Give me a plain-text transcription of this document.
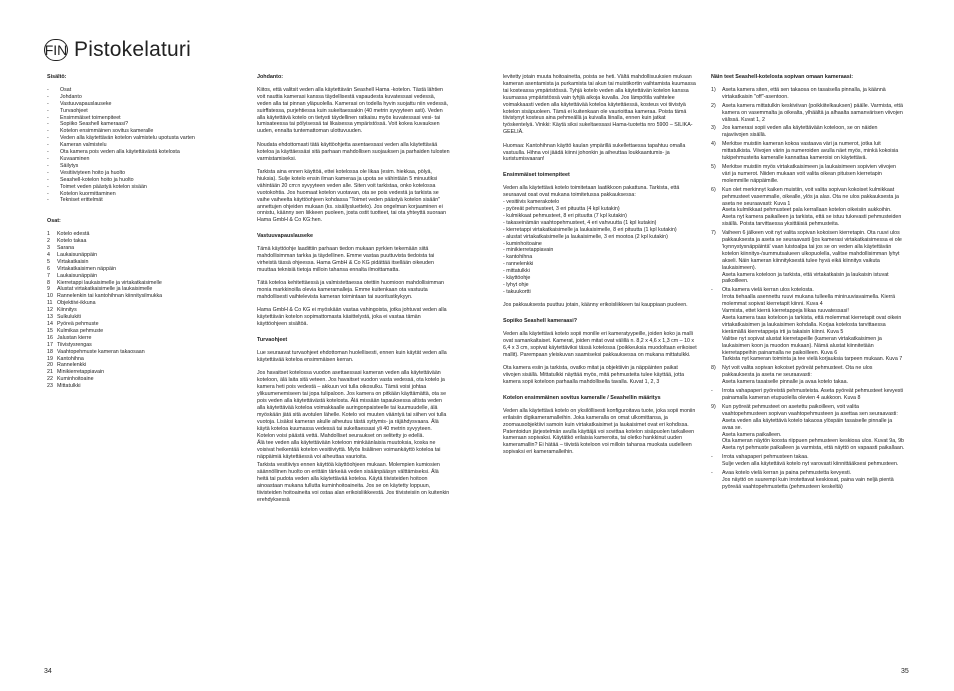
FIN Pistokelaturi
Sisältö:
-	Osat
-	Johdanto
-	Vastuuvapauslauseke
-	Turvaohjeet
-	Ensimmäiset toimenpiteet
-	Sopiiko Seashell kameraasi?
-	Kotelon ensimmäinen sovitus kameralle
-	Veden alla käytettävän kotelon valmistelu upotusta varten
-	Kameran valmistelu
-	Ota kamera pois veden alla käytettävästä kotelosta
-	Kuvaaminen
-	Säilytys
-	Vesitiiviyteen hoito ja huolto
-	Seashell-kotelon hoito ja huolto
-	Toimet veden päästyä kotelon sisään
-	Kotelon kuormittaminen
-	Tekniset erittelmät
Osat:
1	Kotelo edestä
2	Kotelo takaa
3	Sarana
4	Laukaisunäppäin
5	Virtakatkaisin
6	Virtakatkaisimen näppäin
7	Laukaisunäppäin
8	Kierretappi laukaisimelle ja virtakatkaisimelle
9	Alustat virtakatkaisimelle ja laukaisimelle
10 Rannelenkin tai kantohihnan kiinnitysilmukka
11 Objektiivi-ikkuna
12 Kiinnitys
13 Sulkulukiti
14 Pyöreä pehmuste
15 Kulmikas pehmuste
16 Jalustan kierre
17 Tiivistysrengas
18 Vaahtopehmuste kameran takaosaan
19 Kantohihna
20 Rannelenkki
21 Minikierretappiavain
22 Kuminhoitoaine
23 Mittatulkki
Johdanto:

Kiitos, että valitsit veden alla käytettävän Seashell Hama -kotelon. Tästä lähtien voit nauttia kamerasi kanssa täydellisestä vapaudesta kuvatessasi vedessä, veden alla tai pinnan yläpuolella. Kamerasi on todella hyvin suojattu niin vedessä, suirffatessa, purjehtiessa kuin sukeltaessakin (40 metrin syvyyteen asti). Veden alla käytettävä kotelo on tietysti täydellinen ratkaisu myös kuvatessasi vesi- tai lumisateessa tai pölyisessä tai likaisessa ympäristössä. Voit kokea kuvauksen uuden, ennalta tuntemattoman ulottuvuuden.

Noudata ehdottomasti tätä käyttöohjetta asentaessasi veden alla käytettävää koteloa ja käyttäessäsi sitä parhaan mahdollisen suojauksen ja parhaiden tulosten varmistamiseksi.

Tarkista aina ennen käyttöä, ettei kotelossa ole likaa (esim. hiekkaa, pölyä, hiuksia). Sulje kotelo ensin ilman kameraa ja upota se vähintään 5 minuutiksi vähintään 20 cm:n syvyyteen veden alle. Siten voit tarkistaa, onko kotelossa vuotokohtia. Jos huomaat kotelon vuotavan, ota se pois vedestä ja tarkista se vaihe vaiheelta käyttöohjeen kohdassa "Toimet veden päästyä kotelon sisään" annettujen ohjeiden mukaan (ks. sisällysluettelo). Jos ongelman korjaaminen ei onnistu, käänny sen liikkeen puoleen, josta ostit tuotteet, tai ota yhteyttä suoraan Hama GmbH & Co KG:hen.

Vastuuvapauslauseke

Tämä käyttöohje laadittiin parhaan tiedon mukaan pyrkien tekemään siitä mahdollisimman tarkka ja täydellinen. Emme vastaa puuttuvista tiedoista tai virheistä tässä ohjeessa. Hama GmbH & Co KG pidättää itsellään oikeuden muuttaa teknisiä tietoja milloin tahansa ennalta ilmoittamatta.

Tätä koteloa kehitettäessä ja valmistettaessa otettiin huomioon mahdollisimman monia markkinoilla olevia kameramalleja. Emme kuitenkaan ota vastuuta mahdollisesti vaihtelevista kameran toimintaan tai suoritustkykyyn.

Hama GmbH & Co KG ei myöskään vastaa vahingoista, jotka johtuvat veden alla käytettävän kotelon sopimattomasta käsittelystä, joka ei vastaa tämän käyttöohjeen sisältöä.

Turvaohjeet

Lue seuraavat turvaohjeet ehdottoman huolellisesti, ennen kuin käytät veden alla käytettävää koteloa ensimmäisen kerran.

Jos havaitset kotelossa vuodon asettaessasi kameran veden alla käytettävään koteloon, älä laita sitä veteen. Jos havaitset vuodon vasta vedessä, ota kotelo ja kamera heti pois vedestä – akkuun voi tulla oikosulku. Tämä voisi johtaa ylikuumenemiseen tai jopa tulipaloon. Jos kamera on pitkään käyttämättä, ota se pois veden alla käytettävästä kotelosta. Älä missään tapauksessa altista veden alla käytettävää koteloa voimakkaalle auringonpaisteelle tai kuumuudelle, älä myöskään jätä sitä avotulen lähelle. Kotelo voi muuten vääntyä tai siihen voi tulla vuotoja. Lisäksi kameran akulle aiheutuu tästä syttymis- ja räjähdysvaara. Älä käytä koteloa kuumassa vedessä tai sukeltaessasi yli 40 metrin syvyyteen. Kotelon voisi päästä vettä. Mahdolliset seuraukset on selitetty jo edellä.

Älä tee veden alla käytettävään koteloon minkäänlaisia muutoksia, koska ne voisivat heikentää kotelon vesitiiviyttä. Myös lisäliinen voimankäyttö koteloa tai näppäimiä käytettäessä voi aiheuttaa vaurioita.

Tarkista vesitiiviys ennen käyttöä käyttöohjeen mukaan. Molempien kumiosien säännöllinen huolto on erittäin tärkeää veden sisäänpääsyn välttämiseksi. Älä heitä tai pudota veden alla käytettävää koteloa. Käytä tiivisteiden hoitoon ainoastaan mukana tullutta kuminhoitoaineita. Jos se on käytetty loppuun, tiivisteiden hoitoaineita voi ostaa alan erikoisliikkeestä. Jos tiivisteisiin on kuitenkin erehdyksessä

levitetty jotain muuta hoitoainetta, poista se heti. Vältä mahdollisuuksien mukaan kameran asentamista ja purkamista tai akun tai muistikortin vaihtamista kuumassa tai kosteassa ympäristössä. Tyhjä kotelo veden alla käytettävän kotelon kanssa kuumassa ympäristössä vain tyhjiä aikoja kuvalla. Jos lämpötila vaihtelee voimakkaasti veden alla käytettävää koteloa käytettäessä, kosteus voi tiivistyä kotelon sisäpuoleen. Tämä ei kuitenkaan ole vaurioittaa kameraa. Poista tämä tiivistynyt kosteus aina pehmeällä ja kuivalla liinalla, ennen kuin jatkat työskentelyä. Vinkki: Käytä siksi sukeltaessasi Hama-tuotetta nro 5900 – SILIKA-GEELIÄ.

Huomaa: Kantohihnan käyttö kaulan ympärillä sukellettaessa tapahtuu omalla vastuulla. Hihna voi jäädä kiinni johonkin ja aiheuttaa loukkaantumis- ja kuristumisvaaran!

Ensimmäiset toimenpiteet

Veden alla käytettävä kotelo toimitetaan laatikkoon pakattuna. Tarkista, että seuraavat osat ovat mukana toimitetussa pakkauksessa:

- vesitiivis kamerakotelo
- pyöreät pehmusteet, 3 eri pituutta (4 kpl kutakin)
- kulmikkaat pehmusteet, 8 eri pituutta (7 kpl kutakin)
- takaseinämän vaahtopehmusteet, 4 eri vahvuutta (1 kpl kutakin)
- kierretappi virtakatkaisimelle ja laukaisimelle, 8 eri pituutta (1 kpl kutakin)
- alustat virtakatkaisimelle ja laukaisimelle, 3 eri mootoa (2 kpl kutakin)
- kuminhoitoaine
- minikierretappiavain
- kantohihna
- rannelenkki
- mittatulkki
- käyttöohje
- lyhyt ohje
- takuukortti

Jos pakkauksesta puuttuu jotain, käänny erikoisliikkeen tai kauppiaan puoleen.

Sopiiko Seashell kameraasi?

Veden alla käytettävä kotelo sopii monille eri kameratyypeille, joiden koko ja malli ovat samankaltaiset. Kamerat, joiden mitat ovat välillä n. 8,2 x 4,6 x 1,3 cm – 10 x 6,4 x 3 cm, sopivat käytettäviksi tässä kotelossa (poikkeuksia muodoltaan erikoiset mallit). Parempaan yleiskuvan saamiseksi pakkauksessa on mukana mittatulkki.

Ota kamera esiin ja tarkista, ovatko mitat ja objektiivin ja näppäinten paikat viivojen sisällä. Mittatulkki näyttää myös, mitä pehmusteita tulee käyttää, jotta kamera sopii koteloon parhaalla mahdollisella tavalla. Kuvat 1, 2, 3

Kotelon ensimmäinen sovitus kameralle / Seashellin määritys

Veden alla käytettävä kotelo on yksilöllisesti konfiguroitava tuote, joka sopii moniin erilaisiin digikameramalleihin. Joka kameralla on omat ulkomittansa, ja zoomausobjektiivi samoin kuin virtakatkaisimet ja laukaisimet ovat eri kohdissa. Patentoidun järjestelmän avulla käyttäjä voi sovittaa kotelon sisäpuolen tarkalleen kameraan sopivaksi. Käytätkö erilaisia kameroita, tai oletko hankkinut uuden kameramallin? Ei hätää – tiivistä koteloon voi milloin tahansa muokata uudelleen sopivaksi eri kameramalleihin.

Näin teet Seashell-kotelosta sopivan omaan kameraasi:
1)	Aseta kamera siten, että sen takaosa on tasaisella pinnalla, ja käännä virtakatkaisin "off"-asentoon.
2)	Aseta kamera mittatulkin keskiviivan (poikkiitelkauksen) päälle. Varmista, että kamera on vasemmalta ja oikealta, ylhäältä ja alhaalta samanvärisen viivojen välissä. Kuvat 1, 2
3)	Jos kamerasi sopii veden alla käytettävään koteloon, se on näiden rajaviivojen sisällä.
4)	Merkitse muistiin kameran kokoa vastaava väri ja numerot, jotka luit mittatulkista. Viivojen värin ja numeroiden avulla näet myös, minkä kokoisia tukipehmusteita kameralle kannattaa kameroisi on käytettävä.
5)	Merkitse muistiin myös virtakatkaisimeen ja laukaisimeen sopivien viivojen väri ja numerot. Niiden mukaan voit valita oikean pituisen kierretapin molemmille näppäimille.
6)	Kun olet merkinnyt kaiken muistiin, voit valita sopivan kokoiset kulmikkaat pehmusteet vasemmalle, oikealle, ylös ja alas. Ota ne ulos pakkauksesta ja aseta ne seuraavasti: Kuva 1
Aseta kulmikkaat pehmusteet pala kerrallaan kotelon oikeisiin aukkoihin.
Aseta nyt kamera paikalleen ja tarkista, että se istuu tukevasti pehmusteiden sisällä. Poista tarvittaessa yksittäisiä pehmusteita.
7)	Vaiheen 6 jälkeen voit nyt valita sopivan kokoisen kierretapin. Ota ruuvi ulos pakkauksesta ja aseta se seuraavasti (jos kamerasi virtakatkaisimessa ei ole 'kynnystysnäppäintä' vaan luistoalpa tai jos se on veden alla käytettävän kotelon kiinnitys-/summutsalueen ulkopuolella, valitse mahdollisimman lyhyt akseli. Näin kameran kiinnityksestä tulee hyvä eikä kiinnitys vaikuta laukaisimeen).
Aseta kamera koteloon ja tarkista, että virtakatkaisin ja laukaisin istuvat paikoilleen.
-	Ota kamera vielä kerran ulos kotelosta.
Irrota tiehaalla asennettu ruuvi mukana tulleella miniruuviavaimella. Kierrä molemmat sopivat kierretapit kiinni. Kuva 4
Varmista, ettet kierrä kierretappeja liikaa ruuvatessasi!
Aseta kamera taas koteloon ja tarkista, että molemmat kierretapit ovat oikein virtakatkaisimen ja laukaisimen kohdalla. Korjaa kotelosta tarvittaessa kierämällä kierretappeja irti ja takaisin kiinni. Kuva 5
Valitse nyt sopivat alustat kierretapeille (kameran virtakatkaisimen ja laukaisimen koon ja muodon mukaan). Nämä alustat kiinnitetään kierretappeihin painamalla ne paikoilleen. Kuva 6
Tarkista nyt kameran toiminta ja tee vielä korjauksia tarpeen mukaan. Kuva 7
8)	Nyt voit valita sopivan kokoiset pyöreät pehmusteet. Ota ne ulos pakkauksesta ja aseta ne seuraavasti:
Aseta kamera tasaiselle pinnalle ja avaa kotelo takaa.
-	Irrota vahapaperi pyöreistä pehmusteista. Aseta pyöreät pehmusteet kevyesti painamalla kameran etupuolella olevien 4 aukkoon. Kuva 8
9)	Kun pyöreät pehmusteet on asetettu paikoilleen, voit valita vaahtopehmusteen sopivan vaahtopehmusteen ja asettaa sen seuraavasti:
Aseta veden alla käytettävä kotelo takaosa ylöspäin tasaiselle pinnalle ja avaa se.
Aseta kamera paikalleen.
Ota kameran näytön koosta riippuen pehmusteen keskiosa ulos. Kuvat 9a, 9b
Aseta nyt pehmuste paikalleen ja varmista, että näyttö on vapaasti paikallaan.
-	Irrota vahapaperi pehmusteen takaa.
Sulje veden alla käytettävä kotelo nyt varovasti kiinnittääksesi pehmusteen.
-	Avaa kotelo vielä kerran ja paina pehmustetta kevyesti.
Jos näyttö on suurempi kuin irrotettavat keskiosat, paina vain neljä pientä pyöreää vaahtopehmustetta (pehmusteen keskeltä)
34	35
